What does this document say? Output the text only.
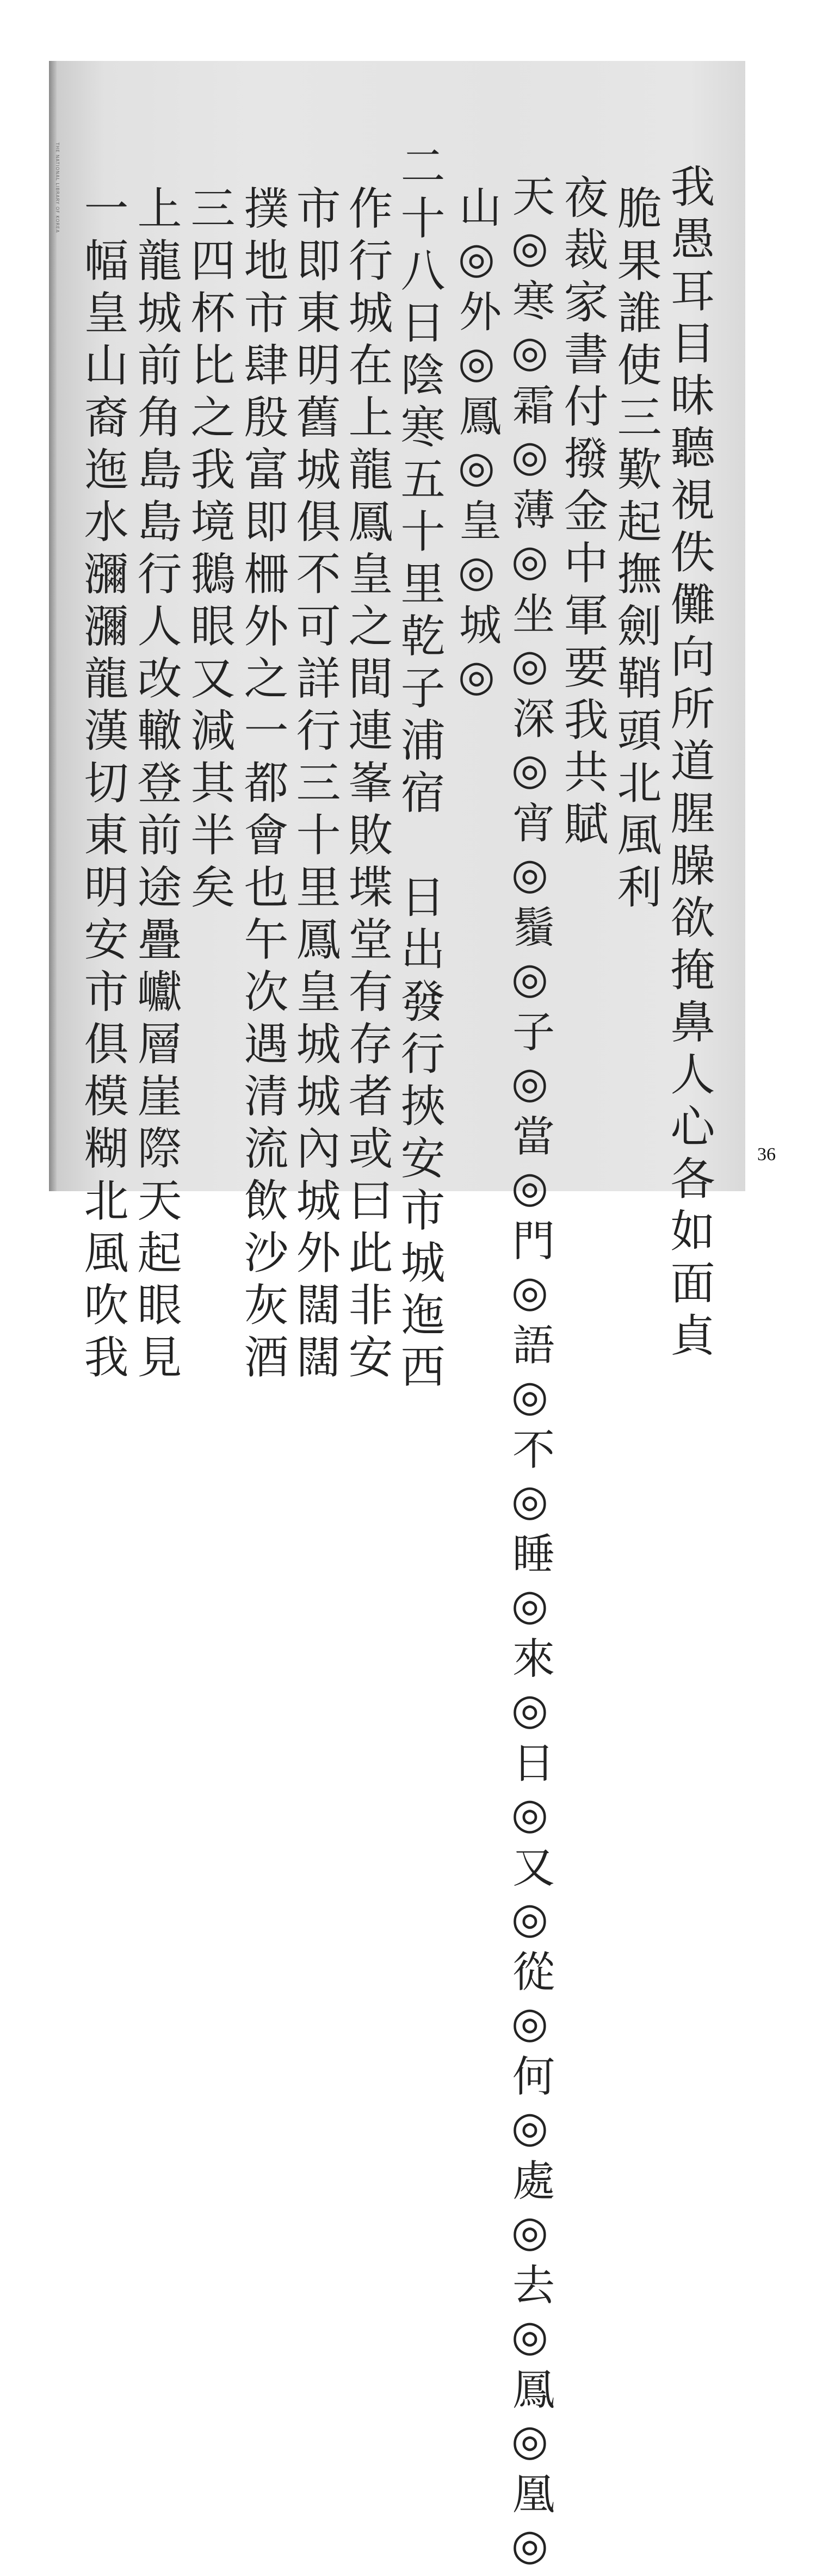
THE NATIONAL LIBRARY OF KOREA	我愚耳目昧聽視佚儺向所道腥臊欲掩鼻人心各如面貞
脆果誰使三歎起撫劍鞘頭北風利
夜裁家書付撥金中軍要我共賦
天◎寒◎霜◎薄◎坐◎深◎宵◎鬚◎子◎當◎門◎語◎不◎睡◎來◎日◎又◎從◎何◎處◎去◎鳳◎凰◎
山◎外◎鳳◎皇◎城◎
二十八日陰寒五十里乾子浦宿　日出發行挾安市城迤西
作行城在上龍鳳皇之間連峯敗堞堂有存者或曰此非安
市即東明舊城俱不可詳行三十里鳳皇城城內城外闊闊
撲地市肆殷富即柵外之一都會也午次遇清流飲沙灰酒
三四杯比之我境鵝眼又減其半矣
上龍城前角島島行人改轍登前途疊巘層崖際天起眼見
一幅皇山裔迤水瀰瀰龍漢切東明安市俱模糊北風吹我	36
